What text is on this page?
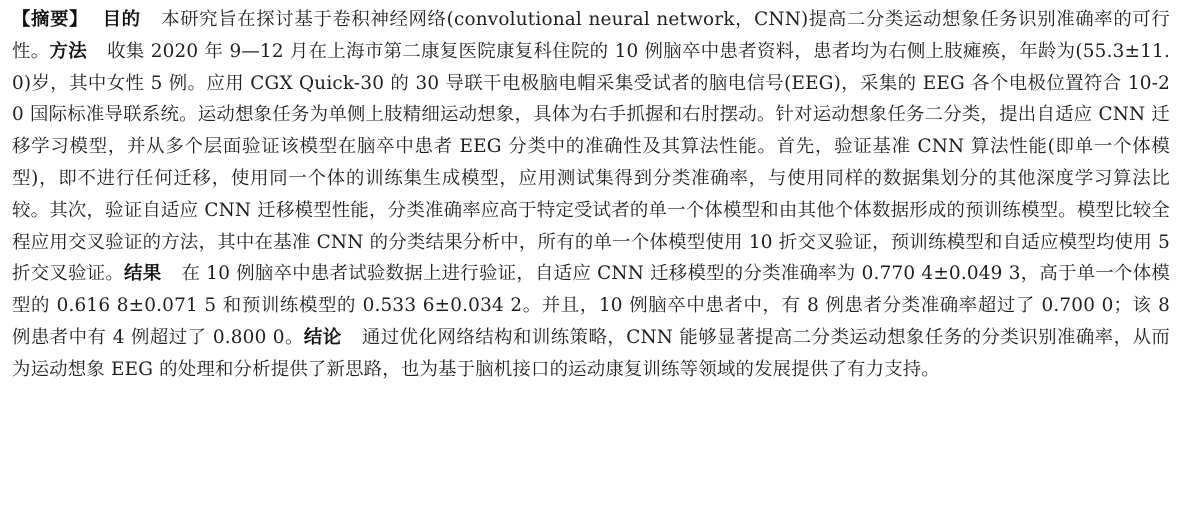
【摘要】 目的 本研究旨在探讨基于卷积神经网络(convolutional neural network，CNN)提高二分类运动想象任务识别准确率的可行性。方法 收集 2020 年 9—12 月在上海市第二康复医院康复科住院的 10 例脑卒中患者资料，患者均为右侧上肢瘫痪，年龄为(55.3±11.0)岁，其中女性 5 例。应用 CGX Quick-30 的 30 导联干电极脑电帽采集受试者的脑电信号(EEG)，采集的 EEG 各个电极位置符合 10-20 国际标准导联系统。运动想象任务为单侧上肢精细运动想象，具体为右手抓握和右肘摆动。针对运动想象任务二分类，提出自适应 CNN 迁移学习模型，并从多个层面验证该模型在脑卒中患者 EEG 分类中的准确性及其算法性能。首先，验证基准 CNN 算法性能(即单一个体模型)，即不进行任何迁移，使用同一个体的训练集生成模型，应用测试集得到分类准确率，与使用同样的数据集划分的其他深度学习算法比较。其次，验证自适应 CNN 迁移模型性能，分类准确率应高于特定受试者的单一个体模型和由其他个体数据形成的预训练模型。模型比较全程应用交叉验证的方法，其中在基准 CNN 的分类结果分析中，所有的单一个体模型使用 10 折交叉验证，预训练模型和自适应模型均使用 5 折交叉验证。结果 在 10 例脑卒中患者试验数据上进行验证，自适应 CNN 迁移模型的分类准确率为 0.770 4±0.049 3，高于单一个体模型的 0.616 8±0.071 5 和预训练模型的 0.533 6±0.034 2。并且，10 例脑卒中患者中，有 8 例患者分类准确率超过了 0.700 0；该 8 例患者中有 4 例超过了 0.800 0。结论 通过优化网络结构和训练策略，CNN 能够显著提高二分类运动想象任务的分类识别准确率，从而为运动想象 EEG 的处理和分析提供了新思路，也为基于脑机接口的运动康复训练等领域的发展提供了有力支持。
